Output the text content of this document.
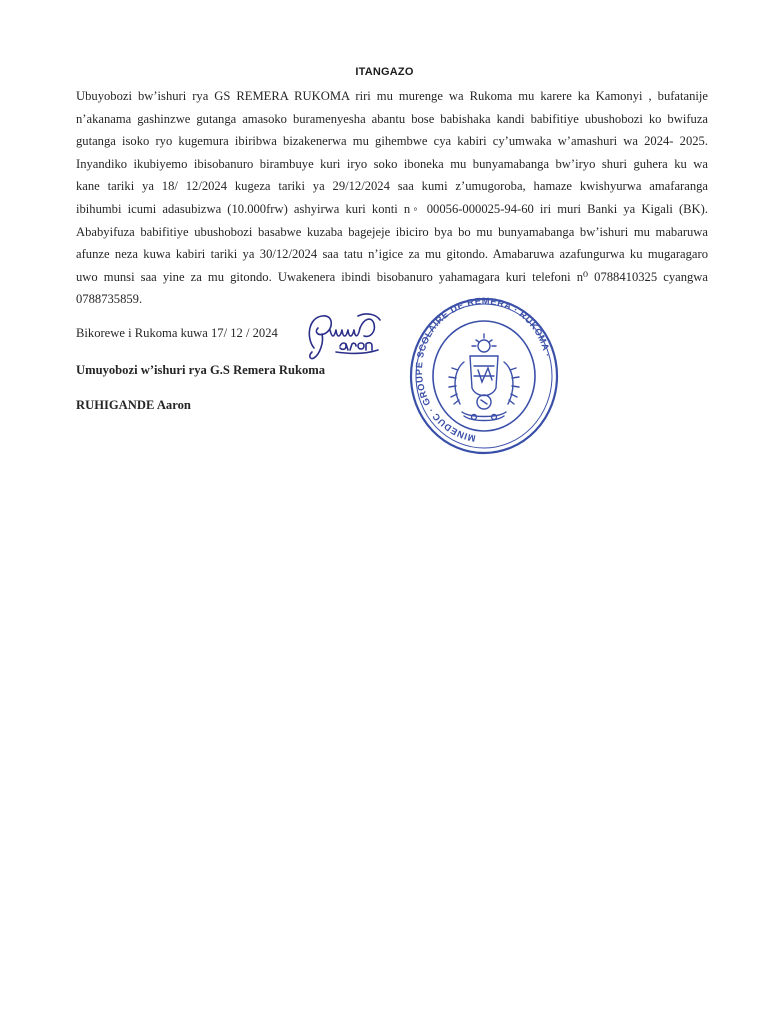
ITANGAZO
Ubuyobozi bw’ishuri rya GS REMERA RUKOMA riri mu murenge wa Rukoma mu karere ka Kamonyi , bufatanije
n’akanama gashinzwe gutanga amasoko buramenyesha abantu bose babishaka kandi babifitiye ubushobozi ko bwifuza
gutanga isoko ryo kugemura ibiribwa bizakenerwa mu gihembwe cya kabiri cy’umwaka w’amashuri wa 2024- 2025.
Inyandiko ikubiyemo ibisobanuro birambuye kuri iryo soko iboneka mu bunyamabanga bw’iryo shuri guhera ku wa
kane tariki ya 18/ 12/2024 kugeza tariki ya 29/12/2024 saa kumi z’umugoroba, hamaze kwishyurwa amafaranga
ibihumbi icumi adasubizwa (10.000frw) ashyirwa kuri konti n◦ 00056-000025-94-60 iri muri Banki ya Kigali (BK).
Ababyifuza babifitiye ubushobozi basabwe kuzaba bagejeje ibiciro bya bo mu bunyamabanga bw’ishuri mu mabaruwa
afunze neza kuwa kabiri tariki ya 30/12/2024 saa tatu n’igice za mu gitondo. Amabaruwa azafungurwa ku mugaragaro
uwo munsi saa yine za mu gitondo. Uwakenera ibindi bisobanuro yahamagara kuri telefoni n⁰ 0788410325 cyangwa
0788735859.
Bikorewe i Rukoma kuwa 17/ 12 / 2024
Umuyobozi w’ishuri rya G.S Remera Rukoma
RUHIGANDE Aaron
MINEDUC · GROUPE SCOLAIRE DE REMERA · RUKOMA ·
